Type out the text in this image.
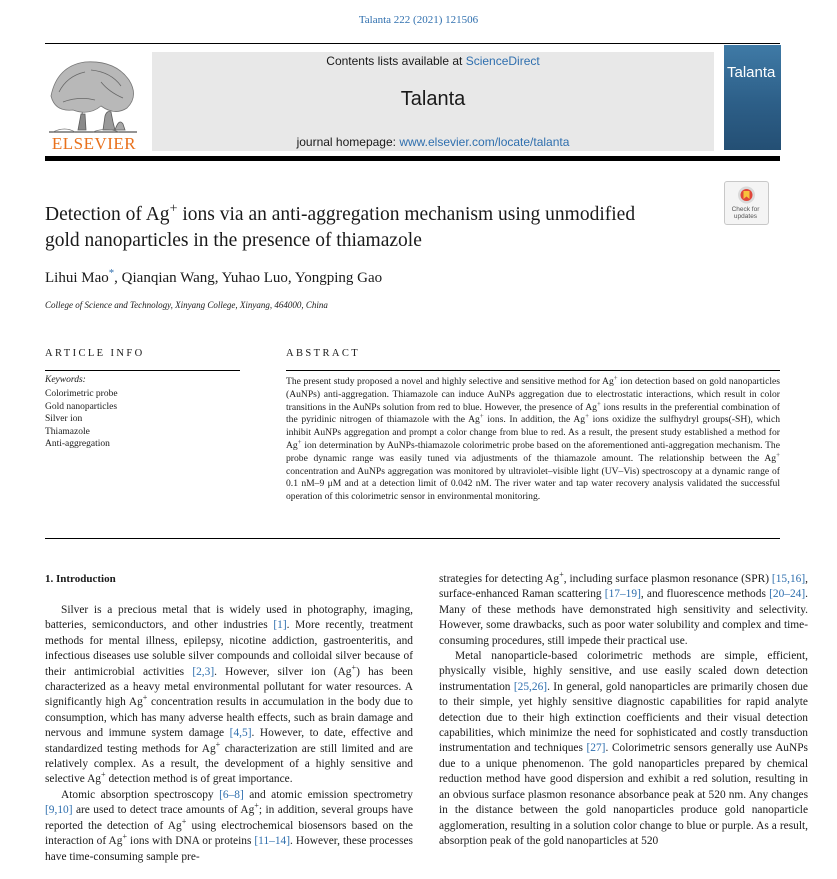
Talanta 222 (2021) 121506
ELSEVIER
Contents lists available at ScienceDirect
Talanta
journal homepage: www.elsevier.com/locate/talanta
Talanta
Detection of Ag+ ions via an anti-aggregation mechanism using unmodified
gold nanoparticles in the presence of thiamazole
Check for
updates
Lihui Mao*, Qianqian Wang, Yuhao Luo, Yongping Gao
College of Science and Technology, Xinyang College, Xinyang, 464000, China
ARTICLE INFO	ABSTRACT
Keywords:
Colorimetric probe
Gold nanoparticles
Silver ion
Thiamazole
Anti-aggregation
The present study proposed a novel and highly selective and sensitive method for Ag+ ion detection based on gold nanoparticles (AuNPs) anti-aggregation. Thiamazole can induce AuNPs aggregation due to electrostatic interactions, which result in color transitions in the AuNPs solution from red to blue. However, the presence of Ag+ ions results in the preferential combination of the pyridinic nitrogen of thiamazole with the Ag+ ions. In addition, the Ag+ ions oxidize the sulfhydryl groups(-SH), which inhibit AuNPs aggregation and prompt a color change from blue to red. As a result, the present study established a method for Ag+ ion determination by AuNPs-thiamazole colorimetric probe based on the aforementioned anti-aggregation mechanism. The probe dynamic range was easily tuned via adjustments of the thiamazole amount. The relationship between the Ag+ concentration and AuNPs aggregation was monitored by ultraviolet–visible light (UV–Vis) spectroscopy at a dynamic range of 0.1 nM–9 μM and at a detection limit of 0.042 nM. The river water and tap water recovery analysis validated the successful operation of this colorimetric sensor in environmental monitoring.
1. Introduction

Silver is a precious metal that is widely used in photography, imaging, batteries, semiconductors, and other industries [1]. More recently, treatment methods for mental illness, epilepsy, nicotine addiction, gastroenteritis, and infectious diseases use soluble silver compounds and colloidal silver because of their antimicrobial activities [2,3]. However, silver ion (Ag+) has been characterized as a heavy metal environmental pollutant for water resources. A significantly high Ag+ concentration results in accumulation in the body due to consumption, which has many adverse health effects, such as brain damage and nervous and immune system damage [4,5]. However, to date, effective and standardized testing methods for Ag+ characterization are still limited and are relatively complex. As a result, the development of a highly sensitive and selective Ag+ detection method is of great importance.

Atomic absorption spectroscopy [6–8] and atomic emission spectrometry [9,10] are used to detect trace amounts of Ag+; in addition, several groups have reported the detection of Ag+ using electrochemical biosensors based on the interaction of Ag+ ions with DNA or proteins [11–14]. However, these processes have time-consuming sample pre-

strategies for detecting Ag+, including surface plasmon resonance (SPR) [15,16], surface-enhanced Raman scattering [17–19], and fluorescence methods [20–24]. Many of these methods have demonstrated high sensitivity and selectivity. However, some drawbacks, such as poor water solubility and complex and time-consuming procedures, still impede their practical use.

Metal nanoparticle-based colorimetric methods are simple, efficient, physically visible, highly sensitive, and use easily scaled down detection instrumentation [25,26]. In general, gold nanoparticles are primarily chosen due to their simple, yet highly sensitive diagnostic capabilities for rapid analyte detection due to their high extinction coefficients and their visual detection capabilities, which minimize the need for sophisticated and costly transduction instrumentation and techniques [27]. Colorimetric sensors generally use AuNPs due to a unique phenomenon. The gold nanoparticles prepared by chemical reduction method have good dispersion and exhibit a red solution, resulting in an obvious surface plasmon resonance absorbance peak at 520 nm. Any changes in the distance between the gold nanoparticles produce gold nanoparticle agglomeration, resulting in a solution color change to blue or purple. As a result, absorption peak of the gold nanoparticles at 520
